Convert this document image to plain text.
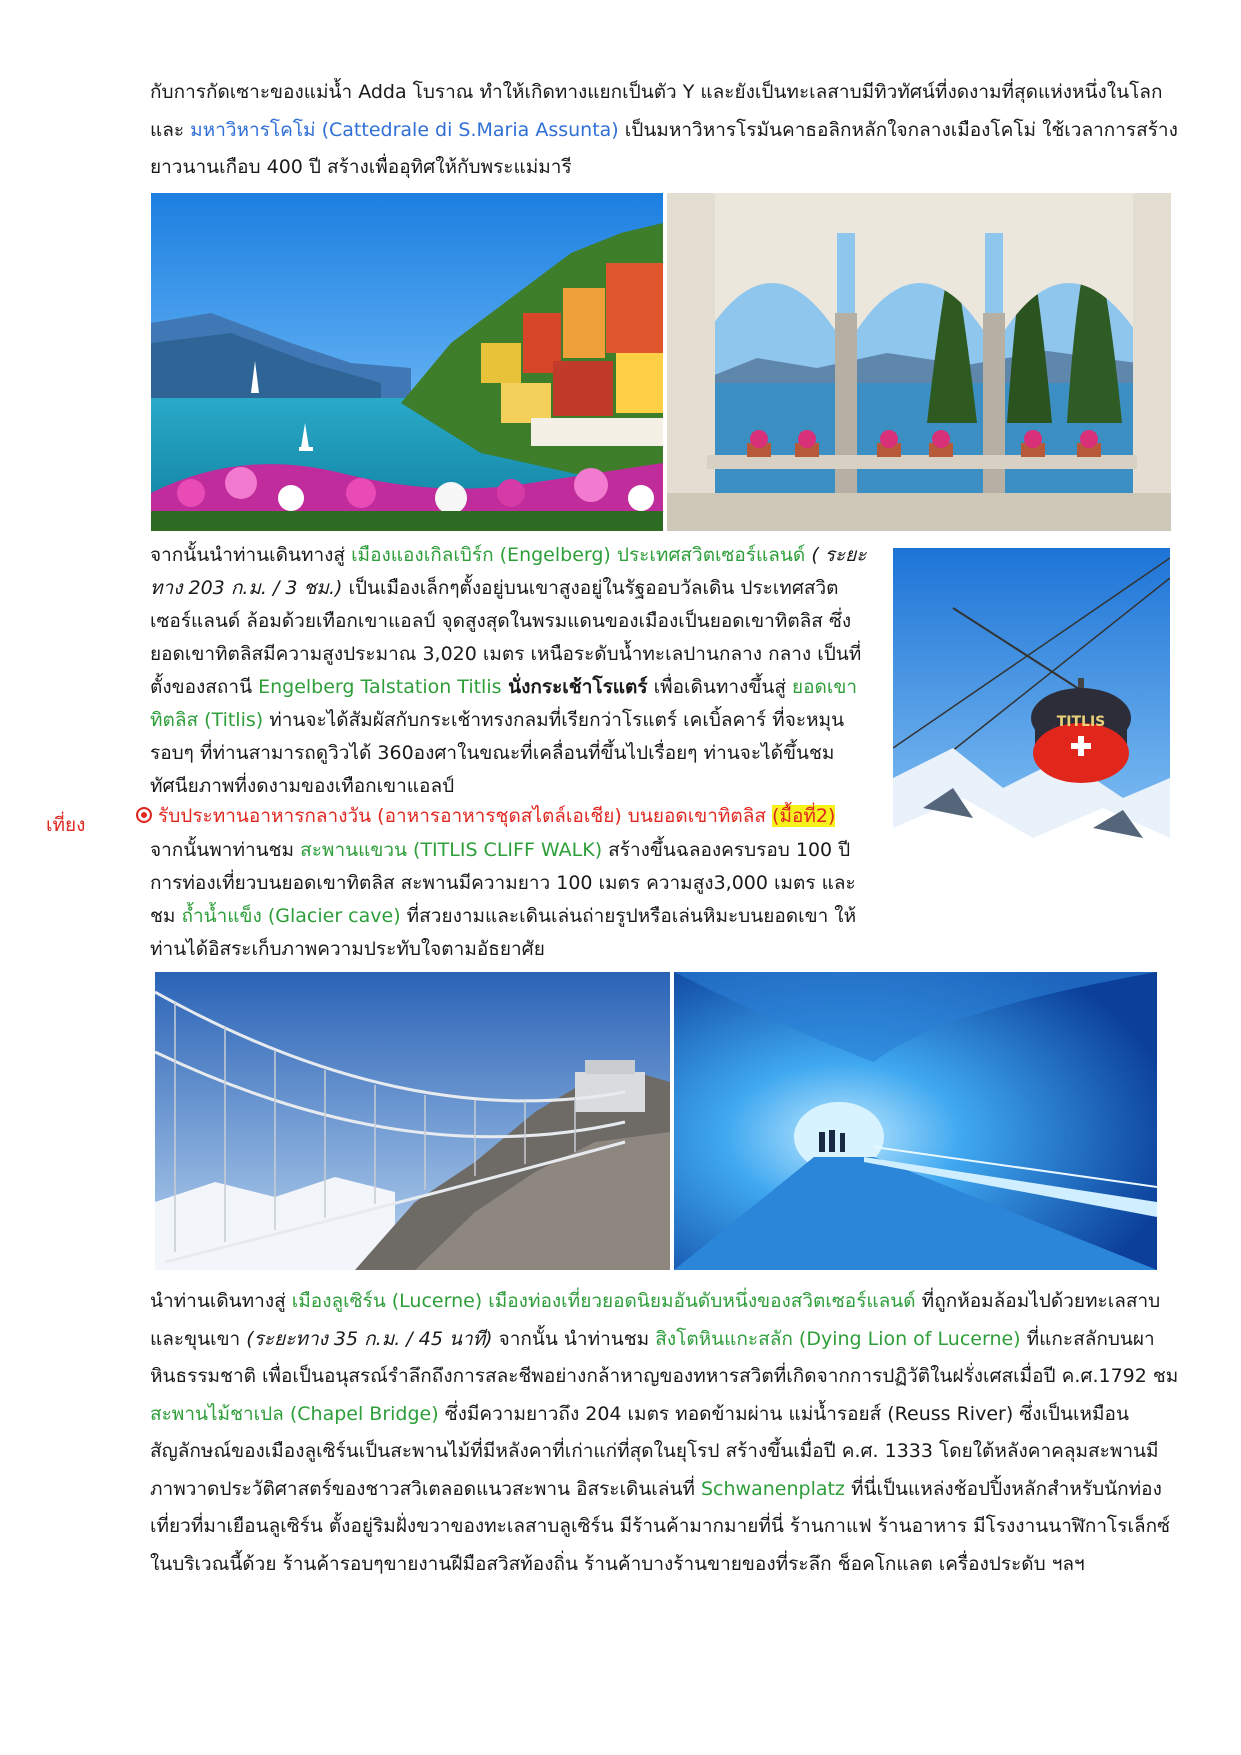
กับการกัดเซาะของแม่น้ำ Adda โบราณ ทำให้เกิดทางแยกเป็นตัว Y และยังเป็นทะเลสาบมีทิวทัศน์ที่งดงามที่สุดแห่งหนึ่งในโลก และ มหาวิหารโคโม่ (Cattedrale di S.Maria Assunta) เป็นมหาวิหารโรมันคาธอลิกหลักใจกลางเมืองโคโม่ ใช้เวลาการสร้างยาวนานเกือบ 400 ปี สร้างเพื่ออุทิศให้กับพระแม่มารี

จากนั้นนำท่านเดินทางสู่ เมืองแองเกิลเบิร์ก (Engelberg) ประเทศสวิตเซอร์แลนด์ ( ระยะทาง 203 ก.ม. / 3 ชม.) เป็นเมืองเล็กๆตั้งอยู่บนเขาสูงอยู่ในรัฐออบวัลเดิน ประเทศสวิตเซอร์แลนด์ ล้อมด้วยเทือกเขาแอลป์ จุดสูงสุดในพรมแดนของเมืองเป็นยอดเขาทิตลิส ซึ่งยอดเขาทิตลิสมีความสูงประมาณ 3,020 เมตร เหนือระดับน้ำทะเลปานกลาง กลาง เป็นที่ตั้งของสถานี Engelberg Talstation Titlis นั่งกระเช้าโรแตร์ เพื่อเดินทางขึ้นสู่ ยอดเขาทิตลิส (Titlis) ท่านจะได้สัมผัสกับกระเช้าทรงกลมที่เรียกว่าโรแตร์ เคเบิ้ลคาร์ ที่จะหมุนรอบๆ ที่ท่านสามารถดูวิวได้ 360องศาในขณะที่เคลื่อนที่ขึ้นไปเรื่อยๆ ท่านจะได้ขึ้นชมทัศนียภาพที่งดงามของเทือกเขาแอลป์

TITLIS
เที่ยง	รับประทานอาหารกลางวัน (อาหารอาหารชุดสไตล์เอเชีย) บนยอดเขาทิตลิส (มื้อที่2)

จากนั้นพาท่านชม สะพานแขวน (TITLIS CLIFF WALK) สร้างขึ้นฉลองครบรอบ 100 ปี การท่องเที่ยวบนยอดเขาทิตลิส สะพานมีความยาว 100 เมตร ความสูง3,000 เมตร และ ชม ถ้ำน้ำแข็ง (Glacier cave) ที่สวยงามและเดินเล่นถ่ายรูปหรือเล่นหิมะบนยอดเขา ให้ท่านได้อิสระเก็บภาพความประทับใจตามอัธยาศัย

นำท่านเดินทางสู่ เมืองลูเซิร์น (Lucerne) เมืองท่องเที่ยวยอดนิยมอันดับหนึ่งของสวิตเซอร์แลนด์ ที่ถูกห้อมล้อมไปด้วยทะเลสาบและขุนเขา (ระยะทาง 35 ก.ม. / 45 นาที) จากนั้น นำท่านชม สิงโตหินแกะสลัก (Dying Lion of Lucerne) ที่แกะสลักบนผาหินธรรมชาติ เพื่อเป็นอนุสรณ์รำลึกถึงการสละชีพอย่างกล้าหาญของทหารสวิตที่เกิดจากการปฏิวัติในฝรั่งเศสเมื่อปี ค.ศ.1792 ชม สะพานไม้ชาเปล (Chapel Bridge) ซึ่งมีความยาวถึง 204 เมตร ทอดข้ามผ่าน แม่น้ำรอยส์ (Reuss River) ซึ่งเป็นเหมือนสัญลักษณ์ของเมืองลูเซิร์นเป็นสะพานไม้ที่มีหลังคาที่เก่าแก่ที่สุดในยุโรป สร้างขึ้นเมื่อปี ค.ศ. 1333 โดยใต้หลังคาคลุมสะพานมีภาพวาดประวัติศาสตร์ของชาวสวิเตลอดแนวสะพาน อิสระเดินเล่นที่ Schwanenplatz ที่นี่เป็นแหล่งช้อปปิ้งหลักสำหรับนักท่องเที่ยวที่มาเยือนลูเซิร์น ตั้งอยู่ริมฝั่งขวาของทะเลสาบลูเซิร์น มีร้านค้ามากมายที่นี่ ร้านกาแฟ ร้านอาหาร มีโรงงานนาฬิกาโรเล็กซ์ในบริเวณนี้ด้วย ร้านค้ารอบๆขายงานฝีมือสวิสท้องถิ่น ร้านค้าบางร้านขายของที่ระลึก ช็อคโกแลต เครื่องประดับ ฯลฯ
